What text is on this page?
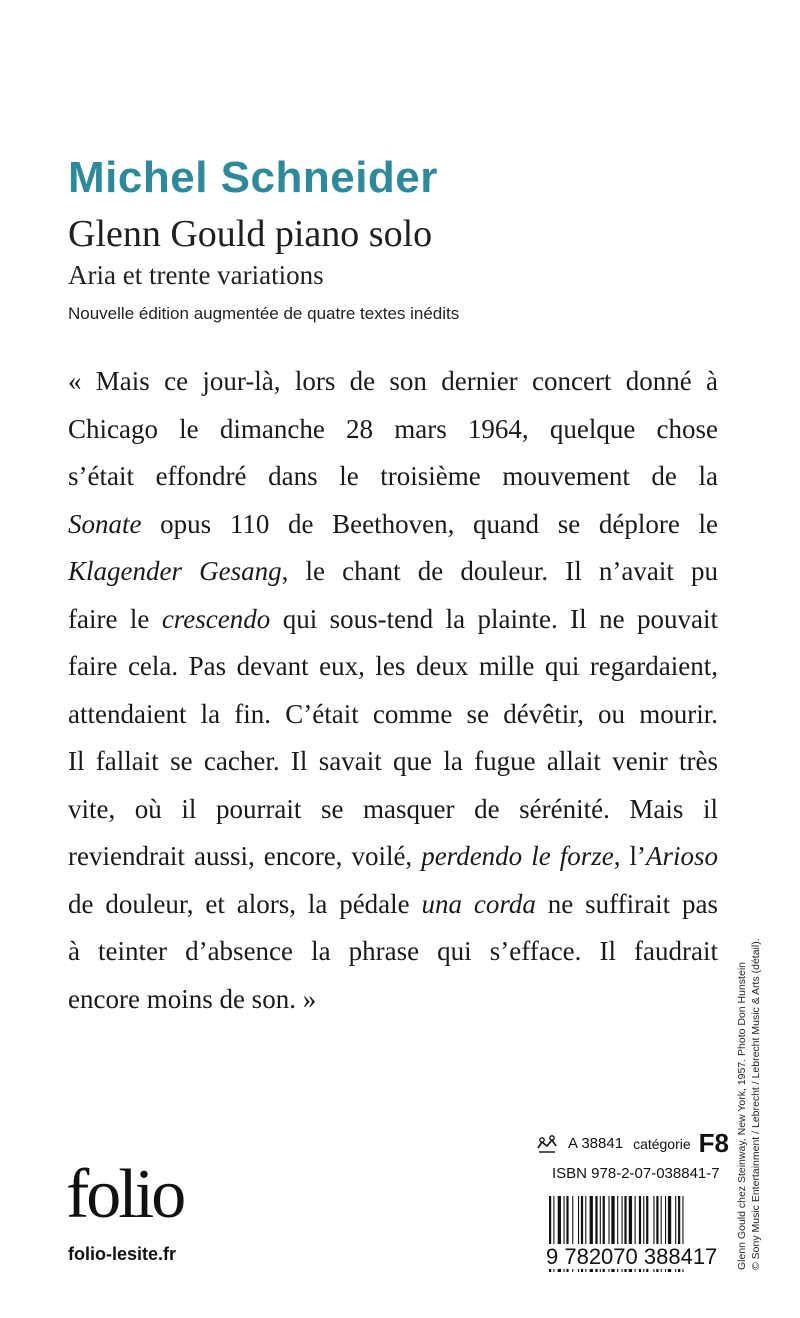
Michel Schneider
Glenn Gould piano solo
Aria et trente variations
Nouvelle édition augmentée de quatre textes inédits
« Mais ce jour-là, lors de son dernier concert donné à
Chicago le dimanche 28 mars 1964, quelque chose
s’était effondré dans le troisième mouvement de la
Sonate opus 110 de Beethoven, quand se déplore le
Klagender Gesang, le chant de douleur. Il n’avait pu
faire le crescendo qui sous-tend la plainte. Il ne pouvait
faire cela. Pas devant eux, les deux mille qui regardaient,
attendaient la fin. C’était comme se dévêtir, ou mourir.
Il fallait se cacher. Il savait que la fugue allait venir très
vite, où il pourrait se masquer de sérénité. Mais il
reviendrait aussi, encore, voilé, perdendo le forze, l’Arioso
de douleur, et alors, la pédale una corda ne suffirait pas
à teinter d’absence la phrase qui s’efface. Il faudrait
encore moins de son. »
folio
folio-lesite.fr
A 38841 catégorie F8
ISBN 978-2-07-038841-7
9 782070 388417	Glenn Gould chez Steinway, New York, 1957. Photo Don Hunstein © Sony Music Entertainment / Lebrecht / Lebrecht Music & Arts (détail).
